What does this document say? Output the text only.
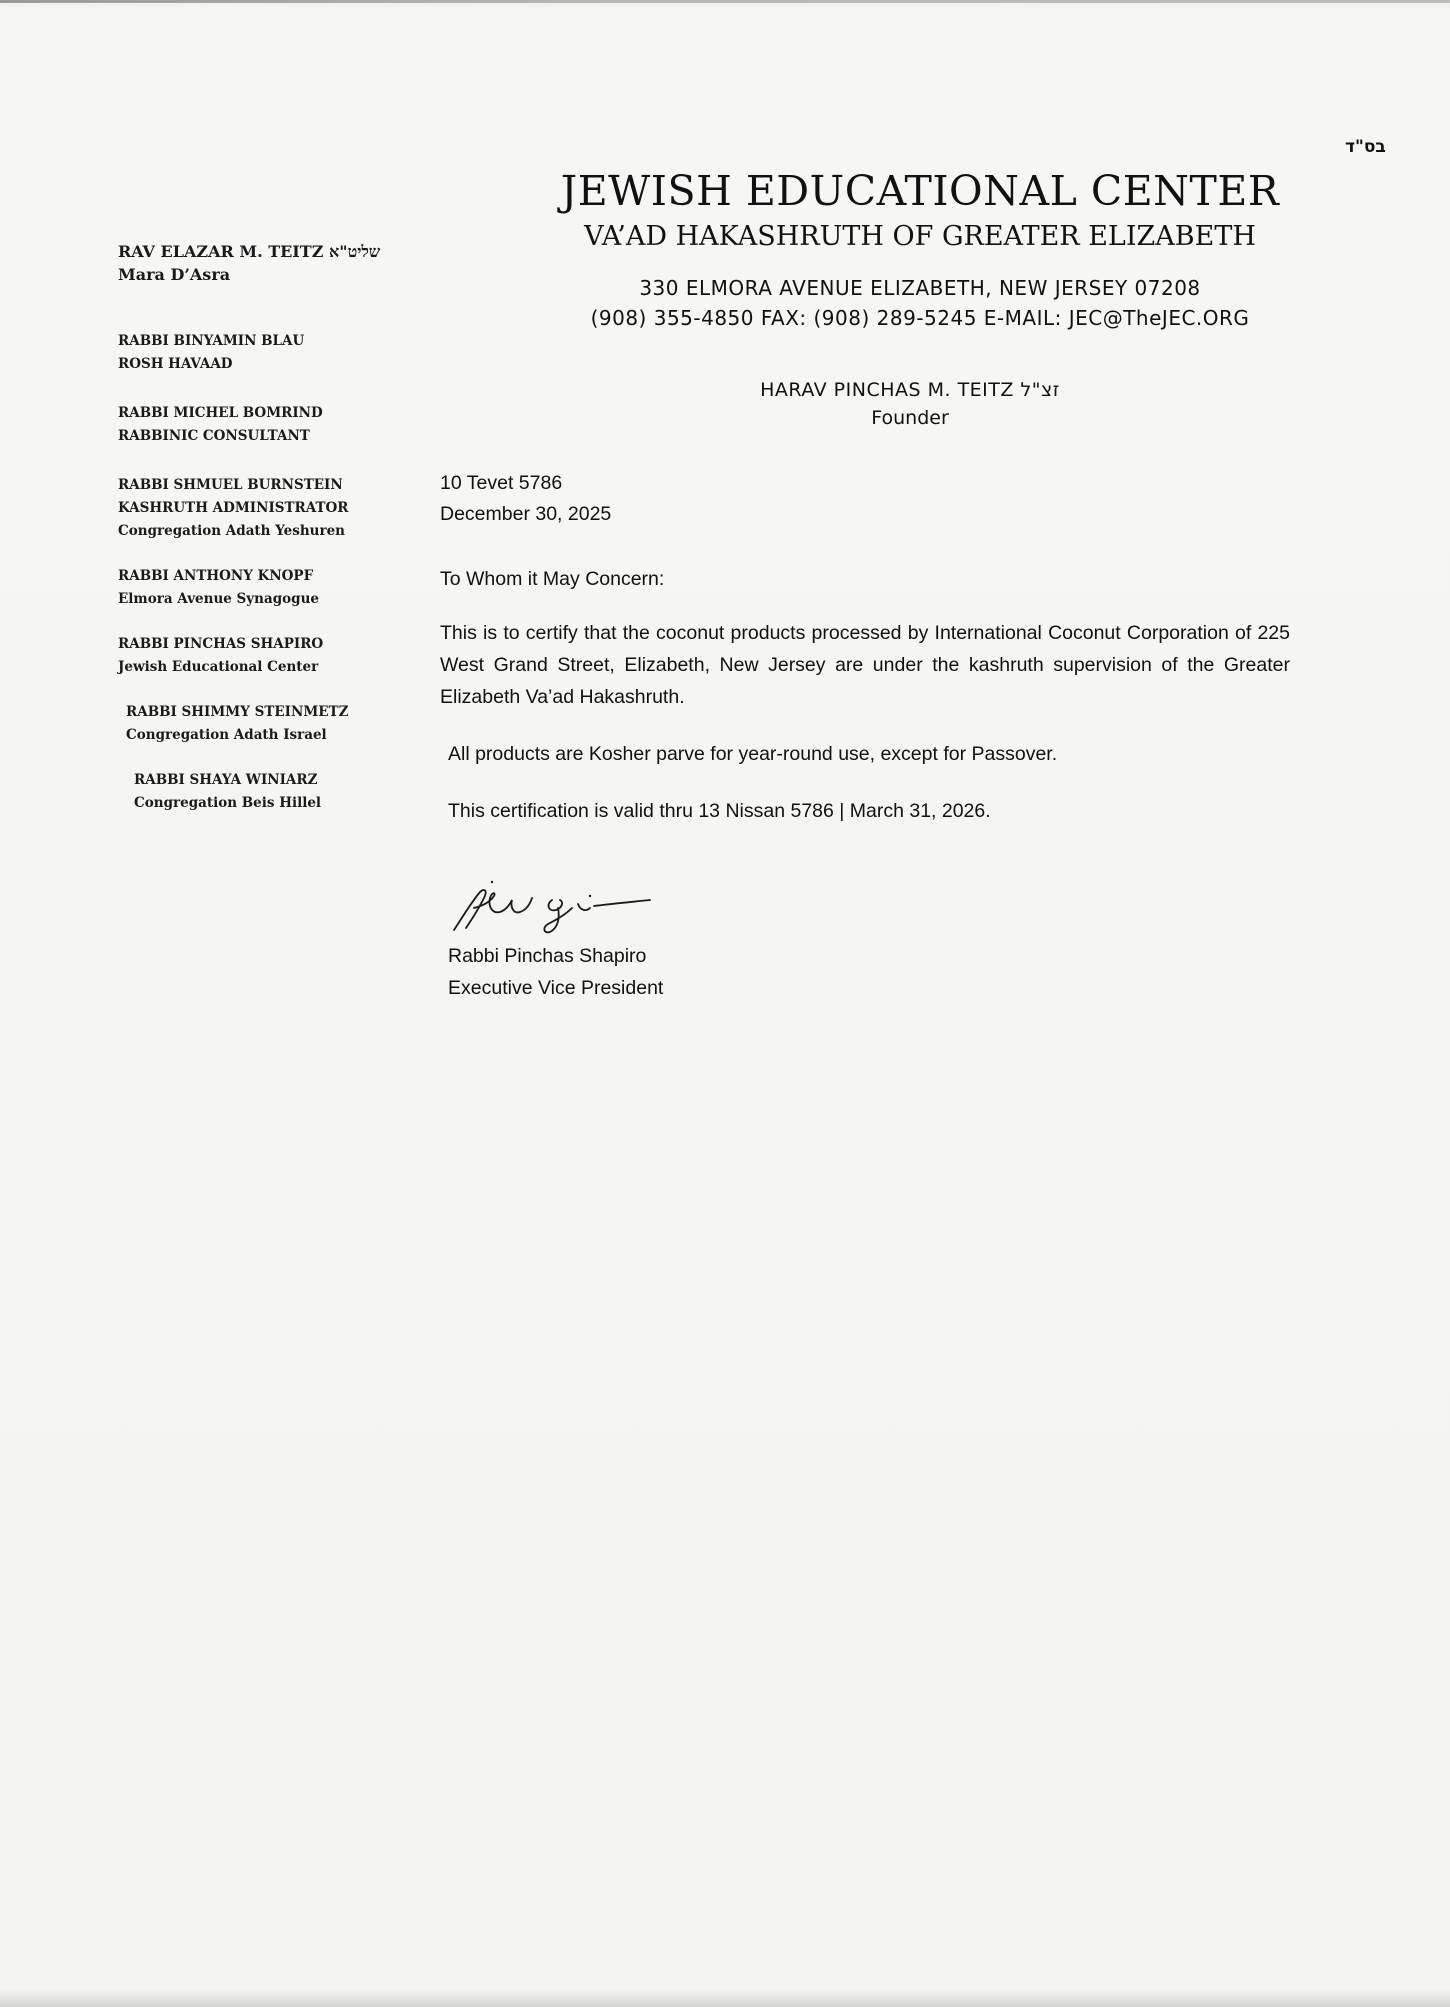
בס"ד
JEWISH EDUCATIONAL CENTER
VA’AD HAKASHRUTH OF GREATER ELIZABETH
330 ELMORA AVENUE ELIZABETH, NEW JERSEY 07208
(908) 355-4850 FAX: (908) 289-5245 E-MAIL: JEC@TheJEC.ORG
HARAV PINCHAS M. TEITZ זצ"ל
Founder
RAV ELAZAR M. TEITZ שליט"א
Mara D’Asra
RABBI BINYAMIN BLAU
ROSH HAVAAD
RABBI MICHEL BOMRIND
RABBINIC CONSULTANT
RABBI SHMUEL BURNSTEIN
KASHRUTH ADMINISTRATOR
Congregation Adath Yeshuren
RABBI ANTHONY KNOPF
Elmora Avenue Synagogue
RABBI PINCHAS SHAPIRO
Jewish Educational Center
RABBI SHIMMY STEINMETZ
Congregation Adath Israel
RABBI SHAYA WINIARZ
Congregation Beis Hillel
10 Tevet 5786
December 30, 2025
To Whom it May Concern:
This is to certify that the coconut products processed by International Coconut Corporation of 225 West Grand Street, Elizabeth, New Jersey are under the kashruth supervision of the Greater Elizabeth Va’ad Hakashruth.
All products are Kosher parve for year-round use, except for Passover.
This certification is valid thru 13 Nissan 5786 | March 31, 2026.
Rabbi Pinchas Shapiro
Executive Vice President
